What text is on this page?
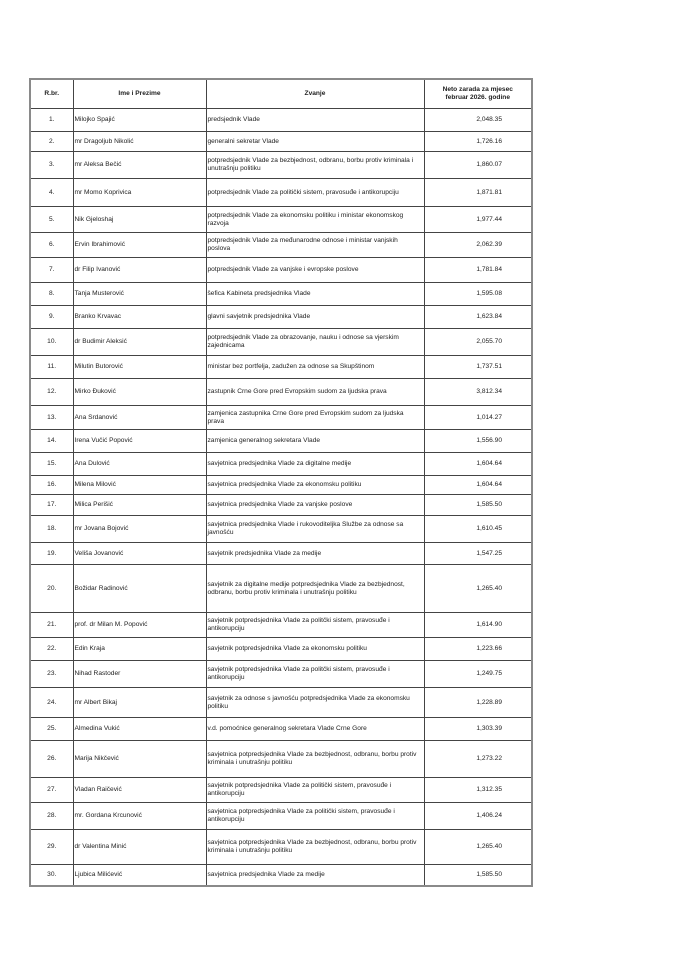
R.br.	Ime i Prezime	Zvanje	Neto zarada za mjesec februar 2026. godine
1.	Milojko Spajić	predsjednik Vlade	2,048.35
2.	mr Dragoljub Nikolić	generalni sekretar Vlade	1,726.16
3.	mr Aleksa Bečić	potpredsjednik Vlade za bezbjednost, odbranu, borbu protiv kriminala i unutrašnju politiku	1,860.07
4.	mr Momo Koprivica	potpredsjednik Vlade za politički sistem, pravosuđe i antikorupciju	1,871.81
5.	Nik Gjeloshaj	potpredsjednik Vlade za ekonomsku politiku i ministar ekonomskog razvoja	1,977.44
6.	Ervin Ibrahimović	potpredsjednik Vlade za međunarodne odnose i ministar vanjskih poslova	2,062.39
7.	dr Filip Ivanović	potpredsjednik Vlade za vanjske i evropske poslove	1,781.84
8.	Tanja Musterović	šefica Kabineta predsjednika Vlade	1,595.08
9.	Branko Krvavac	glavni savjetnik predsjednika Vlade	1,623.84
10.	dr Budimir Aleksić	potpredsjednik Vlade za obrazovanje, nauku i odnose sa vjerskim zajednicama	2,055.70
11.	Milutin Butorović	ministar bez portfelja, zadužen za odnose sa Skupštinom	1,737.51
12.	Mirko Đuković	zastupnik Crne Gore pred Evropskim sudom za ljudska prava	3,812.34
13.	Ana Srdanović	zamjenica zastupnika Crne Gore pred Evropskim sudom za ljudska prava	1,014.27
14.	Irena Vučić Popović	zamjenica generalnog sekretara Vlade	1,556.90
15.	Ana Dulović	savjetnica predsjednika Vlade za digitalne medije	1,604.64
16.	Milena Milović	savjetnica predsjednika Vlade za ekonomsku politiku	1,604.64
17.	Milica Perišić	savjetnica predsjednika Vlade za vanjske poslove	1,585.50
18.	mr Jovana Bojović	savjetnica predsjednika Vlade i rukovoditeljka Službe za odnose sa javnošću	1,610.45
19.	Veliša Jovanović	savjetnik predsjednika Vlade za medije	1,547.25
20.	Božidar Radinović	savjetnik za digitalne medije potpredsjednika Vlade za bezbjednost, odbranu, borbu protiv kriminala i unutrašnju politiku	1,265.40
21.	prof. dr Milan M. Popović	savjetnik potpredsjednika Vlade za politčki sistem, pravosuđe i antikorupciju	1,614.90
22.	Edin Kraja	savjetnik potpredsjednika Vlade za ekonomsku politiku	1,223.66
23.	Nihad Rastoder	savjetnik potpredsjednika Vlade za politčki sistem, pravosuđe i antikorupciju	1,249.75
24.	mr Albert Bikaj	savjetnik za odnose s javnošću potpredsjednika Vlade za ekonomsku politiku	1,228.89
25.	Almedina Vukić	v.d. pomoćnice generalnog sekretara Vlade Crne Gore	1,303.39
26.	Marija Nikčević	savjetnica potpredsjednika Vlade za bezbjednost, odbranu, borbu protiv kriminala i unutrašnju politiku	1,273.22
27.	Vladan Raičević	savjetnik potpredsjednika Vlade za politički sistem, pravosuđe i antikorupciju	1,312.35
28.	mr. Gordana Krcunović	savjetnica potpredsjednika Vlade za politički sistem, pravosuđe i antikorupciju	1,406.24
29.	dr Valentina Minić	savjetnica potpredsjednika Vlade za bezbjednost, odbranu, borbu protiv kriminala i unutrašnju politiku	1,265.40
30.	Ljubica Milićević	savjetnica predsjednika Vlade za medije	1,585.50
